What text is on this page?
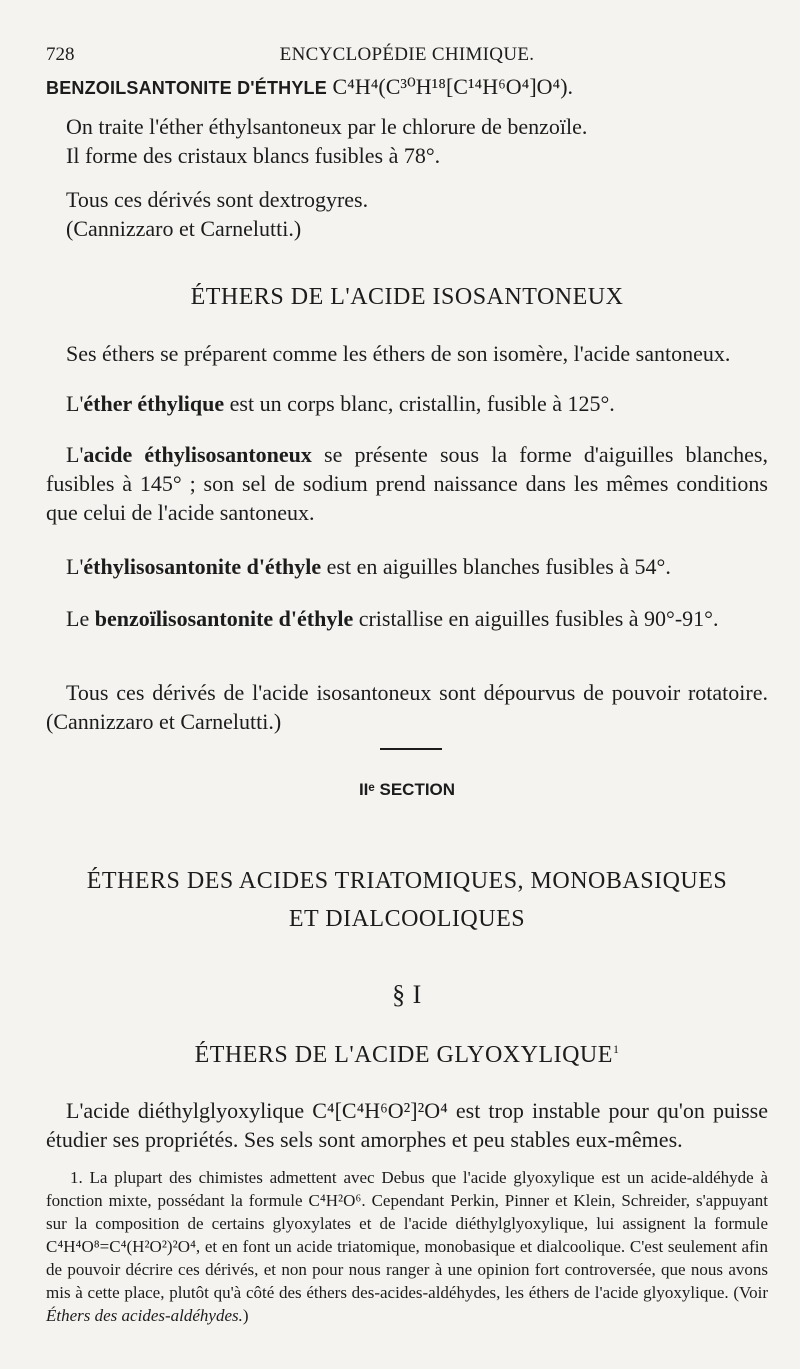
728	ENCYCLOPÉDIE CHIMIQUE.
BENZOILSANTONITE D'ÉTHYLE C⁴H⁴(C³⁰H¹⁸[C¹⁴H⁶O⁴]O⁴).
On traite l'éther éthylsantoneux par le chlorure de benzoïle.
Il forme des cristaux blancs fusibles à 78°.
Tous ces dérivés sont dextrogyres.
(Cannizzaro et Carnelutti.)
ÉTHERS DE L'ACIDE ISOSANTONEUX
Ses éthers se préparent comme les éthers de son isomère, l'acide santoneux.
L'éther éthylique est un corps blanc, cristallin, fusible à 125°.
L'acide éthylisosantoneux se présente sous la forme d'aiguilles blanches, fusibles à 145° ; son sel de sodium prend naissance dans les mêmes conditions que celui de l'acide santoneux.
L'éthylisosantonite d'éthyle est en aiguilles blanches fusibles à 54°.
Le benzoïlisosantonite d'éthyle cristallise en aiguilles fusibles à 90°-91°.
Tous ces dérivés de l'acide isosantoneux sont dépourvus de pouvoir rotatoire. (Cannizzaro et Carnelutti.)
IIᵉ SECTION
ÉTHERS DES ACIDES TRIATOMIQUES, MONOBASIQUES
ET DIALCOOLIQUES
§ I
ÉTHERS DE L'ACIDE GLYOXYLIQUE$^1$
L'acide diéthylglyoxylique C⁴[C⁴H⁶O²]²O⁴ est trop instable pour qu'on puisse étudier ses propriétés. Ses sels sont amorphes et peu stables eux-mêmes.
1. La plupart des chimistes admettent avec Debus que l'acide glyoxylique est un acide-aldéhyde à fonction mixte, possédant la formule C⁴H²O⁶. Cependant Perkin, Pinner et Klein, Schreider, s'appuyant sur la composition de certains glyoxylates et de l'acide diéthylglyoxylique, lui assignent la formule C⁴H⁴O⁸=C⁴(H²O²)²O⁴, et en font un acide triatomique, monobasique et dialcoolique. C'est seulement afin de pouvoir décrire ces dérivés, et non pour nous ranger à une opinion fort controversée, que nous avons mis à cette place, plutôt qu'à côté des éthers des-acides-aldéhydes, les éthers de l'acide glyoxylique. (Voir Éthers des acides-aldéhydes.)
